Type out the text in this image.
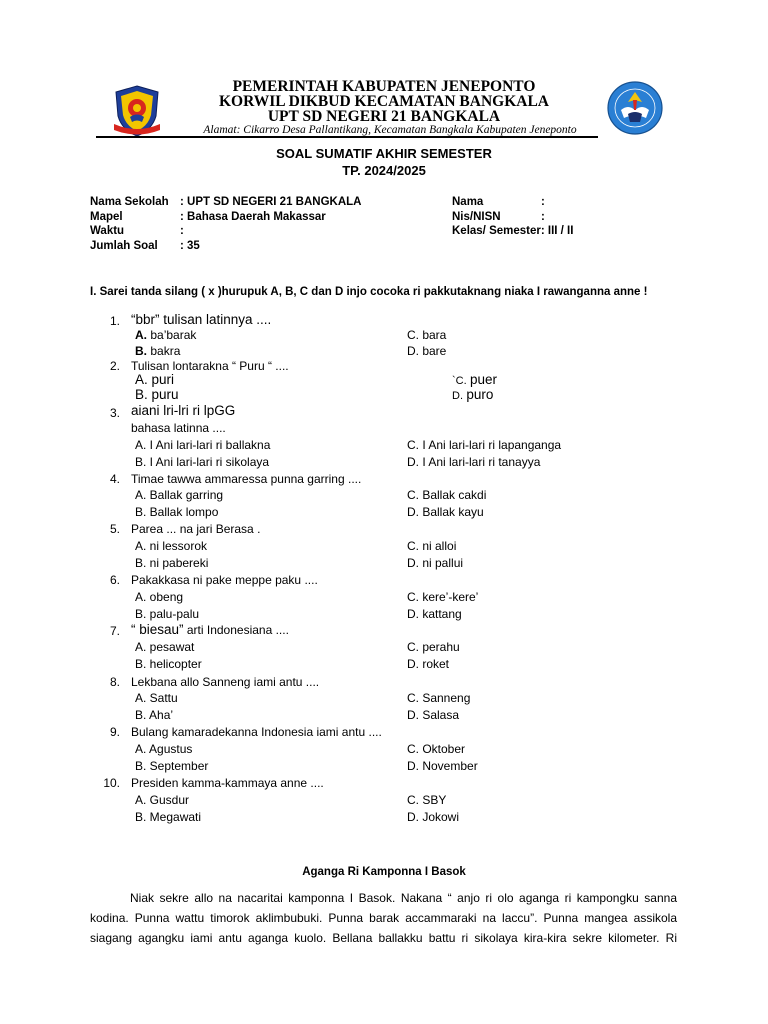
PEMERINTAH KABUPATEN JENEPONTO
KORWIL DIKBUD KECAMATAN BANGKALA
UPT SD NEGERI 21 BANGKALA
Alamat: Cikarro Desa Pallantikang, Kecamatan Bangkala Kabupaten Jeneponto
SOAL SUMATIF AKHIR SEMESTER
TP. 2024/2025
Nama Sekolah : UPT SD NEGERI 21 BANGKALA
Mapel	: Bahasa Daerah Makassar
Waktu	:
Jumlah Soal : 35
Nama	:
Nis/NISN	:
Kelas/ Semester: III / II
I. Sarei tanda silang ( x )hurupuk A, B, C dan D injo cocoka ri pakkutaknang niaka I rawanganna anne !
1. “bbr” tulisan latinnya ....
A. ba’barak
B. bakra
C. bara
D. bare
2. Tulisan lontarakna “ Puru “ ....
A. puri
B. puru
`C. puer
D. puro
3. aiani lri-lri ri lpGG
bahasa latinna ....
A. I Ani lari-lari ri ballakna
B. I Ani lari-lari ri sikolaya
C. I Ani lari-lari ri lapanganga
D. I Ani lari-lari ri tanayya
4. Timae tawwa ammaressa punna garring ....
A. Ballak garring
B. Ballak lompo
C. Ballak cakdi
D. Ballak kayu
5. Parea ... na jari Berasa .
A. ni lessorok
B. ni pabereki
C. ni alloi
D. ni pallui
6. Pakakkasa ni pake meppe paku ....
A. obeng
B. palu-palu
C. kere’-kere’
D. kattang
7. “ biesau” arti Indonesiana ....
A. pesawat
B. helicopter
C. perahu
D. roket
8. Lekbana allo Sanneng iami antu ....
A. Sattu
B. Aha’
C. Sanneng
D. Salasa
9. Bulang kamaradekanna Indonesia iami antu ....
A. Agustus
B. September
C. Oktober
D. November
10. Presiden kamma-kammaya anne ....
A. Gusdur
B. Megawati
C. SBY
D. Jokowi
Aganga Ri Kamponna I Basok

Niak sekre allo na nacaritai kamponna I Basok. Nakana “ anjo ri olo aganga ri kampongku sanna

kodina. Punna wattu timorok aklimbubuki. Punna barak accammaraki na laccu”. Punna mangea assikola

siagang agangku iami antu aganga kuolo. Bellana ballakku battu ri sikolaya kira-kira sekre kilometer. Ri
